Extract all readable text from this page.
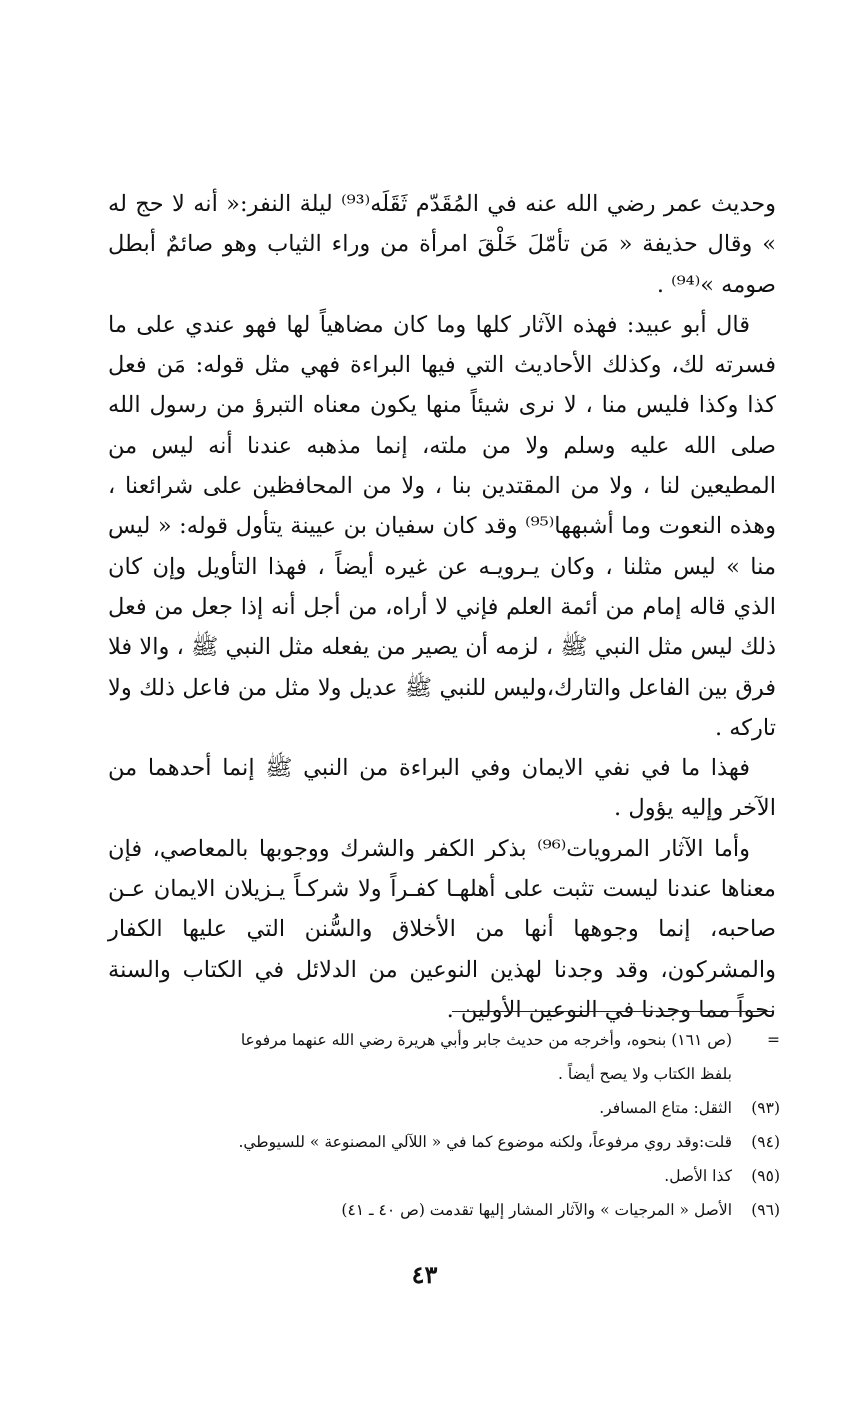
وحديث عمر رضي الله عنه في المُقَدّم ثَقَلَه⁽⁹³⁾ ليلة النفر:« أنه لا حج له » وقال حذيفة « مَن تأمّلَ خَلْقَ امرأة من وراء الثياب وهو صائمٌ أبطل صومه »⁽⁹⁴⁾ .

قال أبو عبيد: فهذه الآثار كلها وما كان مضاهياً لها فهو عندي على ما فسرته لك، وكذلك الأحاديث التي فيها البراءة فهي مثل قوله: مَن فعل كذا وكذا فليس منا ، لا نرى شيئاً منها يكون معناه التبرؤ من رسول الله صلى الله عليه وسلم ولا من ملته، إنما مذهبه عندنا أنه ليس من المطيعين لنا ، ولا من المقتدين بنا ، ولا من المحافظين على شرائعنا ، وهذه النعوت وما أشبهها⁽⁹⁵⁾ وقد كان سفيان بن عيينة يتأول قوله: « ليس منا » ليس مثلنا ، وكان يـرويـه عن غيره أيضاً ، فهذا التأويل وإن كان الذي قاله إمام من أئمة العلم فإني لا أراه، من أجل أنه إذا جعل من فعل ذلك ليس مثل النبي ﷺ ، لزمه أن يصير من يفعله مثل النبي ﷺ ، والا فلا فرق بين الفاعل والتارك،وليس للنبي ﷺ عديل ولا مثل من فاعل ذلك ولا تاركه .

فهذا ما في نفي الايمان وفي البراءة من النبي ﷺ إنما أحدهما من الآخر وإليه يؤول .

وأما الآثار المرويات⁽⁹⁶⁾ بذكر الكفر والشرك ووجوبها بالمعاصي، فإن معناها عندنا ليست تثبت على أهلهـا كفـراً ولا شركـاً يـزيلان الايمان عـن صاحبه، إنما وجوهها أنها من الأخلاق والسُّنن التي عليها الكفار والمشركون، وقد وجدنا لهذين النوعين من الدلائل في الكتاب والسنة نحواً مما وجدنا في النوعين الأولين .

=
(ص ١٦١) بنحوه، وأخرجه من حديث جابر وأبي هريرة رضي الله عنهما مرفوعا
بلفظ الكتاب ولا يصح أيضاً .
(٩٣)
الثقل: متاع المسافر.
(٩٤)
قلت:وقد روي مرفوعاً، ولكنه موضوع كما في « اللآلي المصنوعة » للسيوطي.
(٩٥)
كذا الأصل.
(٩٦)
الأصل « المرجيات » والآثار المشار إليها تقدمت (ص ٤٠ ـ ٤١)
٤٣
